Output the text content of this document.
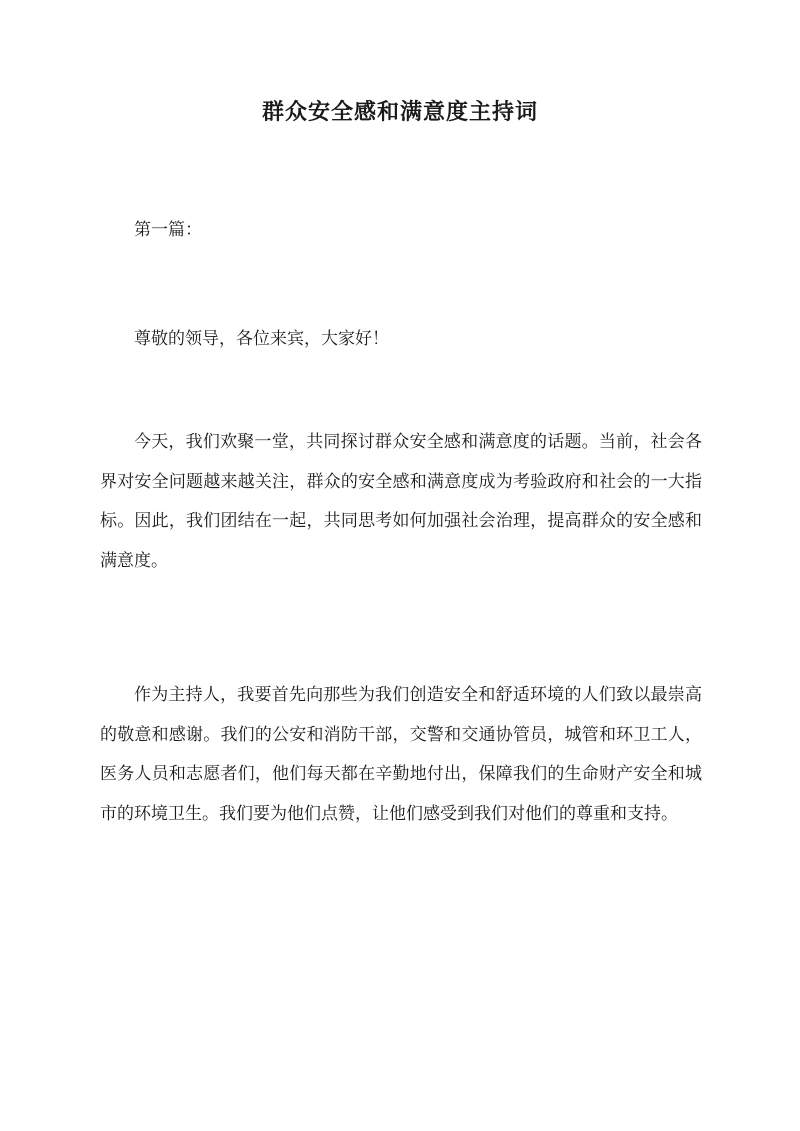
群众安全感和满意度主持词
第一篇：

尊敬的领导，各位来宾，大家好！

今天，我们欢聚一堂，共同探讨群众安全感和满意度的话题。当前，社会各界对安全问题越来越关注，群众的安全感和满意度成为考验政府和社会的一大指标。因此，我们团结在一起，共同思考如何加强社会治理，提高群众的安全感和满意度。

作为主持人，我要首先向那些为我们创造安全和舒适环境的人们致以最崇高的敬意和感谢。我们的公安和消防干部，交警和交通协管员，城管和环卫工人，医务人员和志愿者们，他们每天都在辛勤地付出，保障我们的生命财产安全和城市的环境卫生。我们要为他们点赞，让他们感受到我们对他们的尊重和支持。
